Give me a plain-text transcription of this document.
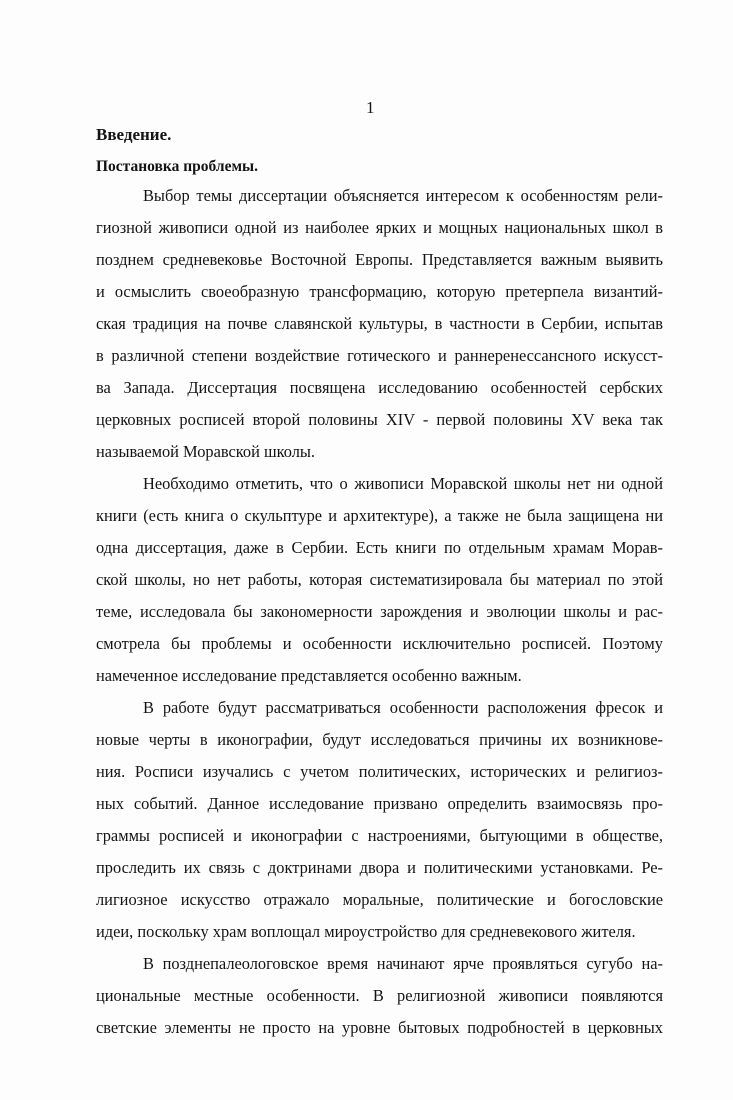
1
Введение.
Постановка проблемы.
Выбор темы диссертации объясняется интересом к особенностям рели-
гиозной живописи одной из наиболее ярких и мощных национальных школ в
позднем средневековье Восточной Европы. Представляется важным выявить
и осмыслить своеобразную трансформацию, которую претерпела византий-
ская традиция на почве славянской культуры, в частности в Сербии, испытав
в различной степени воздействие готического и раннеренессансного искусст-
ва Запада. Диссертация посвящена исследованию особенностей сербских
церковных росписей второй половины XIV - первой половины XV века так
называемой Моравской школы.
Необходимо отметить, что о живописи Моравской школы нет ни одной
книги (есть книга о скульптуре и архитектуре), а также не была защищена ни
одна диссертация, даже в Сербии. Есть книги по отдельным храмам Морав-
ской школы, но нет работы, которая систематизировала бы материал по этой
теме, исследовала бы закономерности зарождения и эволюции школы и рас-
смотрела бы проблемы и особенности исключительно росписей. Поэтому
намеченное исследование представляется особенно важным.
В работе будут рассматриваться особенности расположения фресок и
новые черты в иконографии, будут исследоваться причины их возникнове-
ния. Росписи изучались с учетом политических, исторических и религиоз-
ных событий. Данное исследование призвано определить взаимосвязь про-
граммы росписей и иконографии с настроениями, бытующими в обществе,
проследить их связь с доктринами двора и политическими установками. Ре-
лигиозное искусство отражало моральные, политические и богословские
идеи, поскольку храм воплощал мироустройство для средневекового жителя.
В позднепалеологовское время начинают ярче проявляться сугубо на-
циональные местные особенности. В религиозной живописи появляются
светские элементы не просто на уровне бытовых подробностей в церковных
